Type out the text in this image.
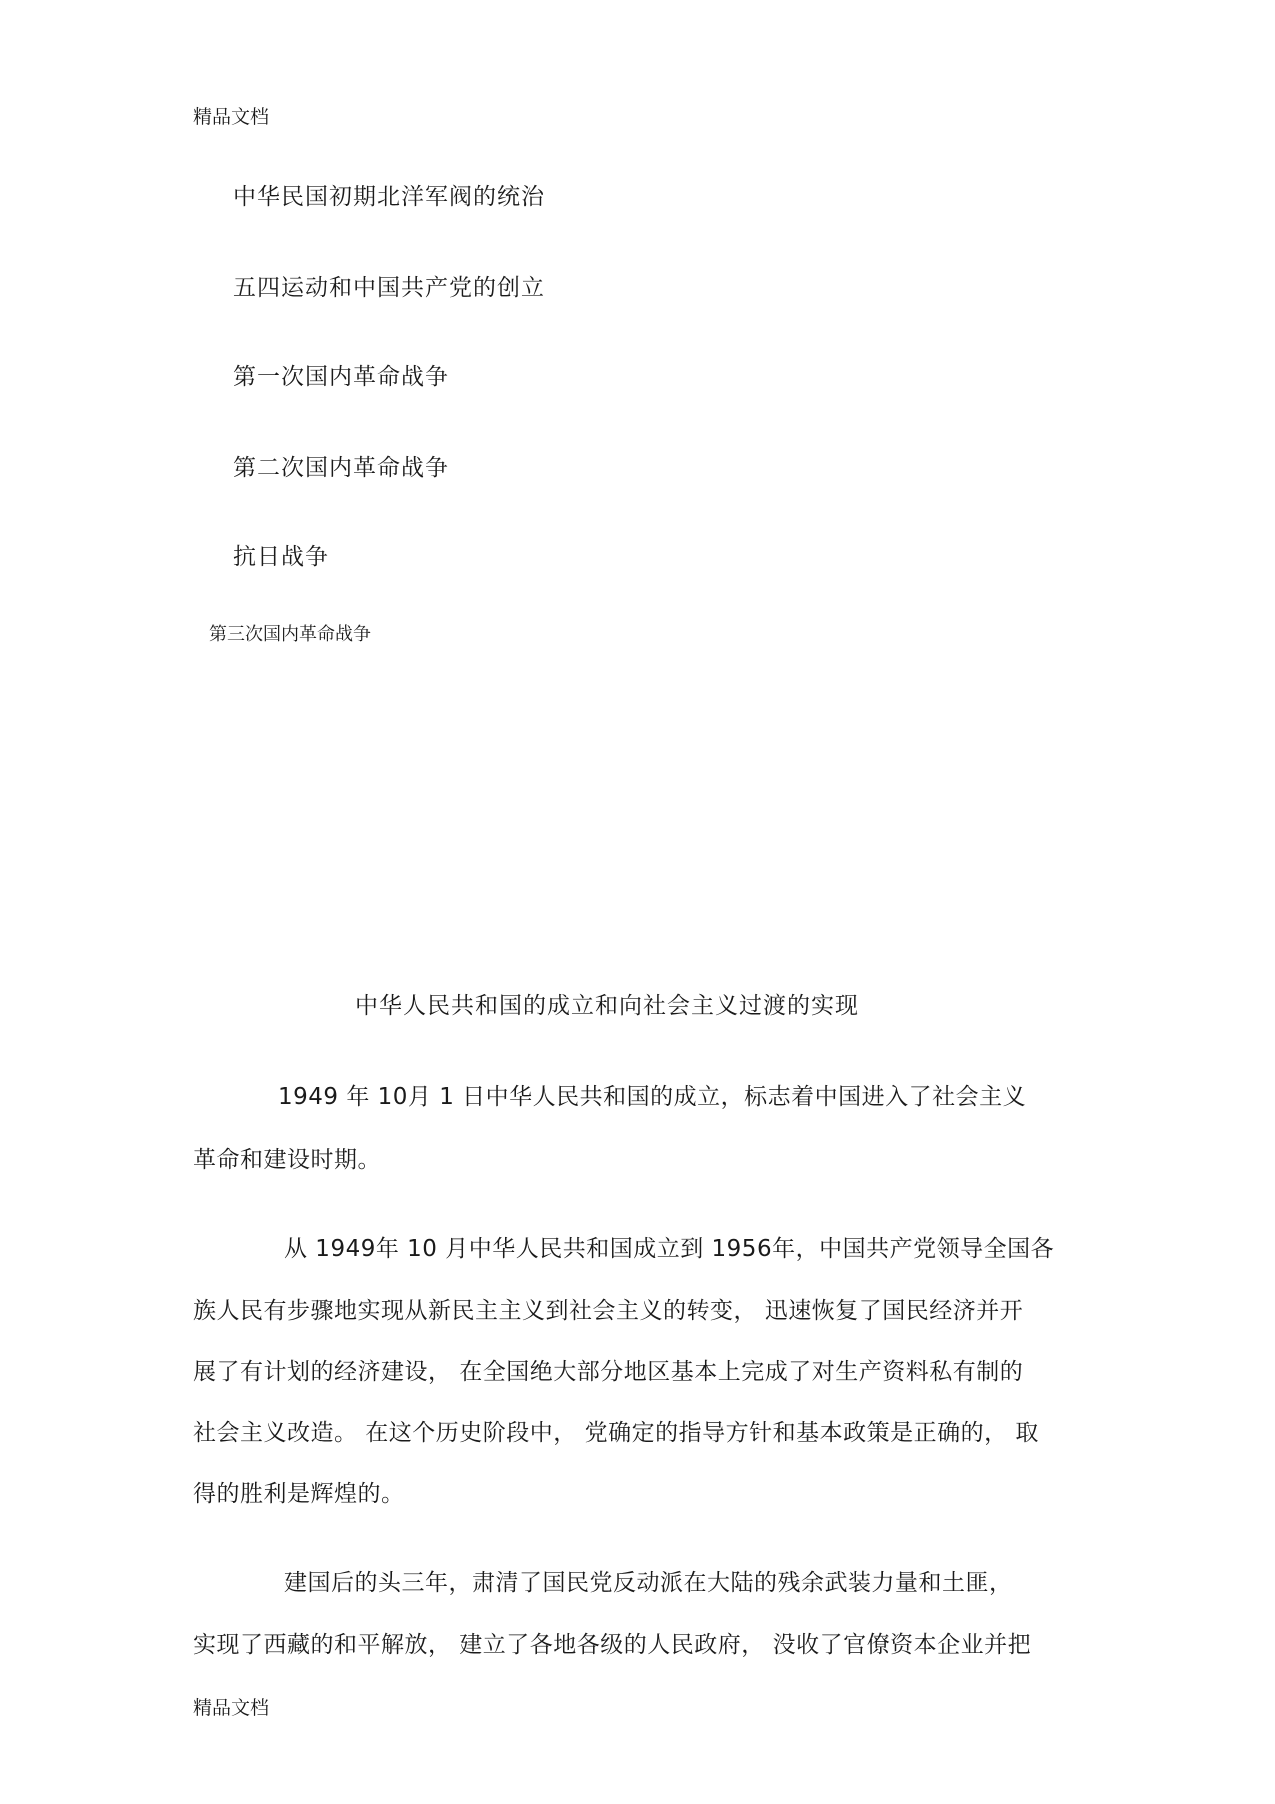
精品文档
中华民国初期北洋军阀的统治
五四运动和中国共产党的创立
第一次国内革命战争
第二次国内革命战争
抗日战争
第三次国内革命战争
中华人民共和国的成立和向社会主义过渡的实现
1949 年 10月 1 日中华人民共和国的成立，标志着中国进入了社会主义
革命和建设时期。
从 1949年 10 月中华人民共和国成立到 1956年，中国共产党领导全国各
族人民有步骤地实现从新民主主义到社会主义的转变， 迅速恢复了国民经济并开
展了有计划的经济建设， 在全国绝大部分地区基本上完成了对生产资料私有制的
社会主义改造。 在这个历史阶段中， 党确定的指导方针和基本政策是正确的， 取
得的胜利是辉煌的。
建国后的头三年，肃清了国民党反动派在大陆的残余武装力量和土匪，
实现了西藏的和平解放， 建立了各地各级的人民政府， 没收了官僚资本企业并把
精品文档
